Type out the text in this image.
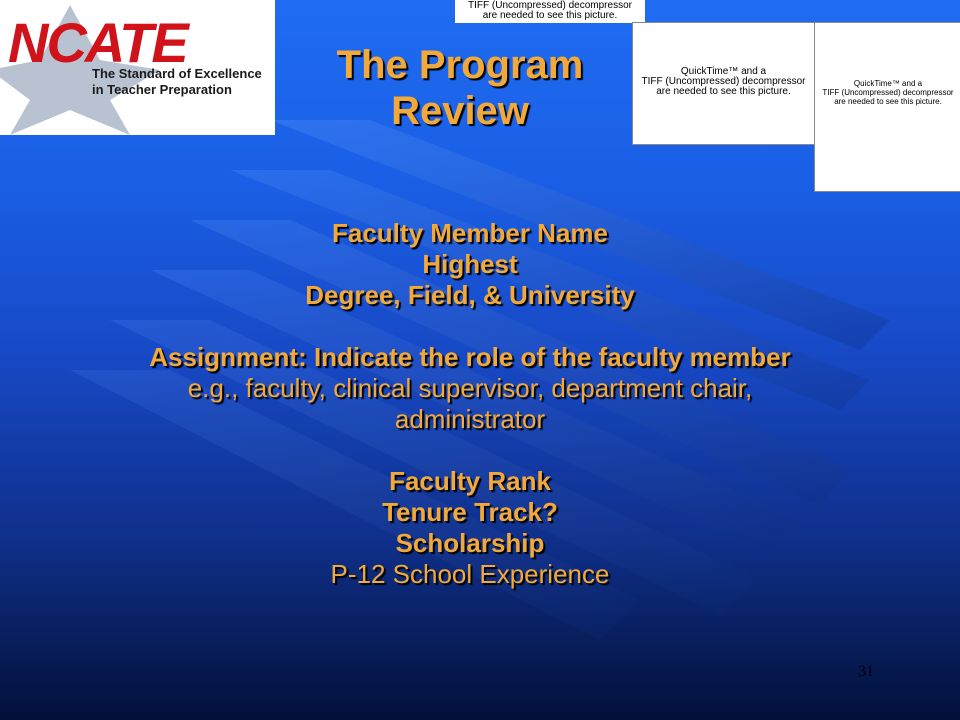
NCATE
The Standard of Excellence
in Teacher Preparation
TIFF (Uncompressed) decompressor
are needed to see this picture.
QuickTime™ and a
TIFF (Uncompressed) decompressor
are needed to see this picture.
QuickTime™ and a
TIFF (Uncompressed) decompressor
are needed to see this picture.
The Program
Review
Faculty Member Name
Highest
Degree, Field, & University
Assignment: Indicate the role of the faculty member
e.g., faculty, clinical supervisor, department chair,
administrator
Faculty Rank
Tenure Track?
Scholarship
P-12 School Experience
31
